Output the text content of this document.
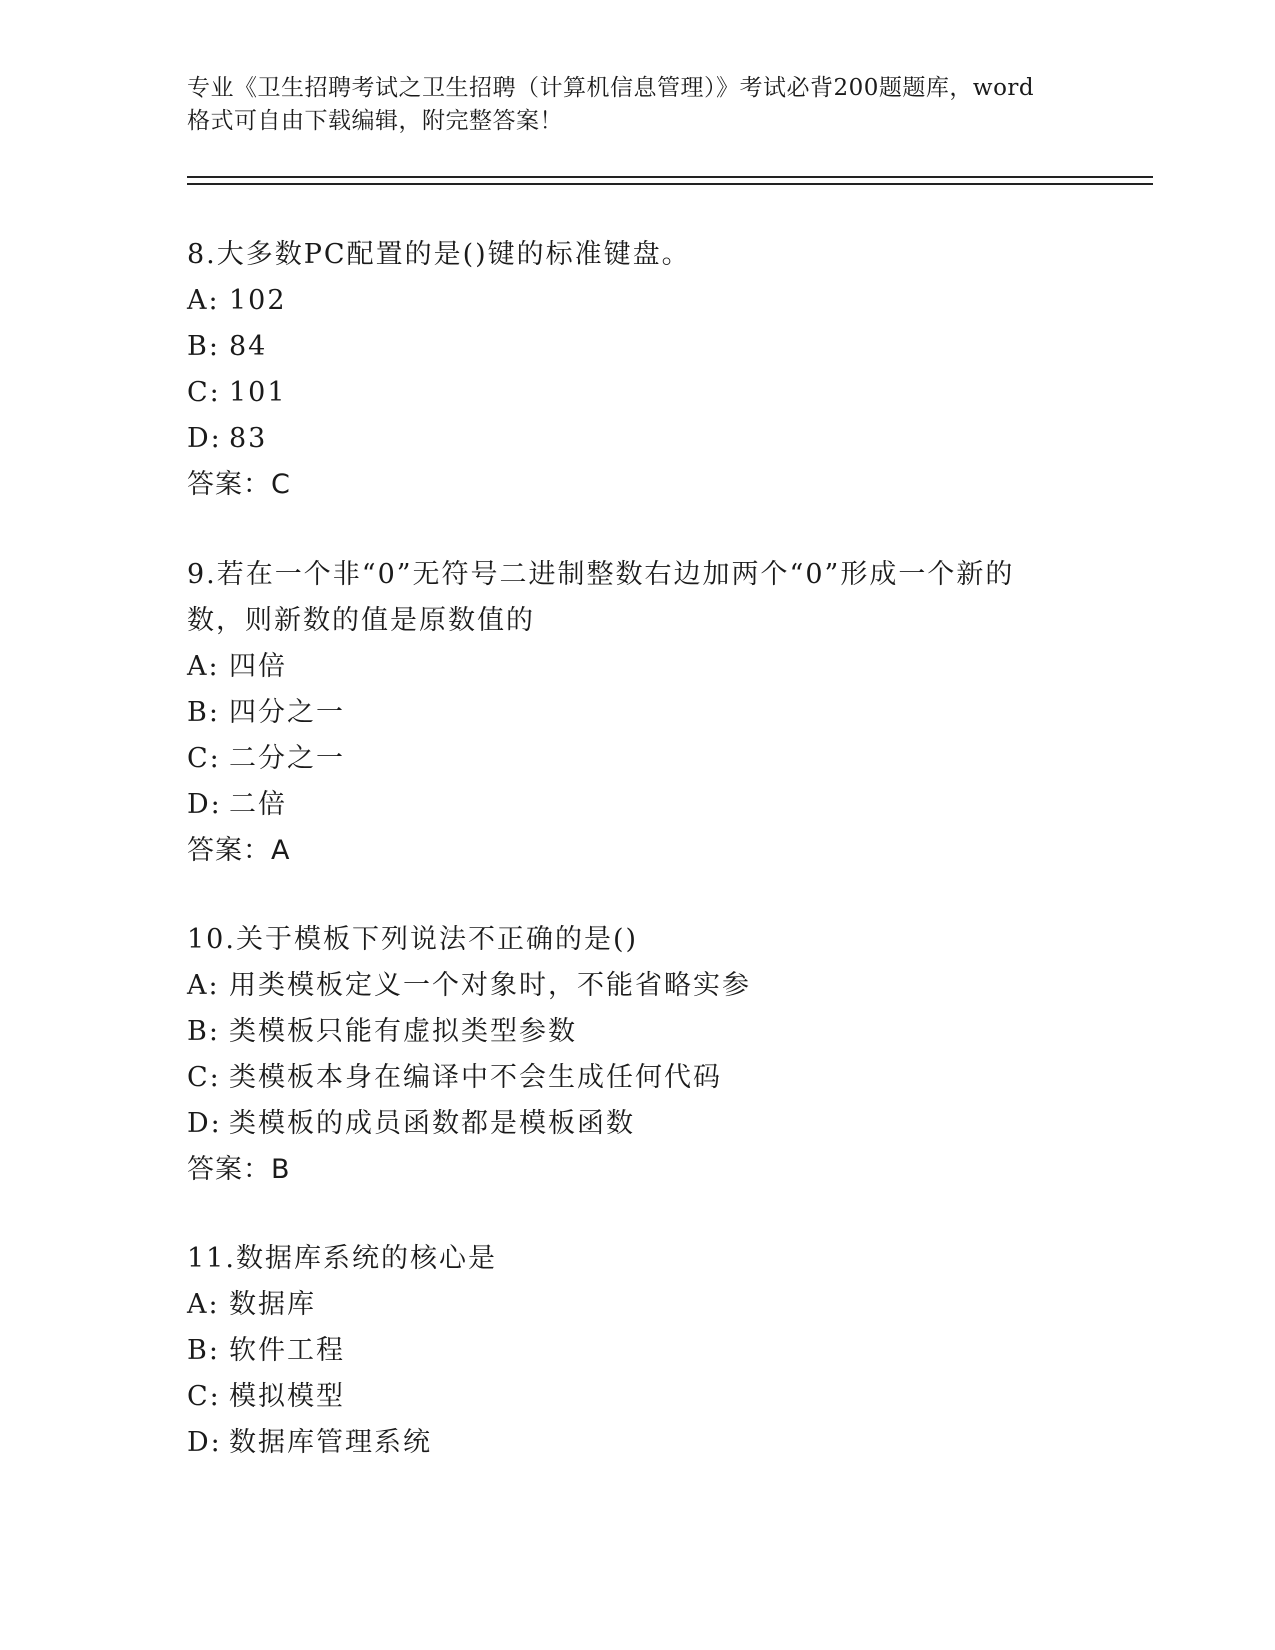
专业《卫生招聘考试之卫生招聘（计算机信息管理）》考试必背200题题库，word
格式可自由下载编辑，附完整答案！

8.大多数PC配置的是()键的标准键盘。

A: 102

B: 84

C: 101

D: 83

答案：C

9.若在一个非“0”无符号二进制整数右边加两个“0”形成一个新的

数，则新数的值是原数值的

A: 四倍

B: 四分之一

C: 二分之一

D: 二倍

答案：A

10.关于模板下列说法不正确的是()

A: 用类模板定义一个对象时，不能省略实参

B: 类模板只能有虚拟类型参数

C: 类模板本身在编译中不会生成任何代码

D: 类模板的成员函数都是模板函数

答案：B

11.数据库系统的核心是

A: 数据库

B: 软件工程

C: 模拟模型

D: 数据库管理系统
